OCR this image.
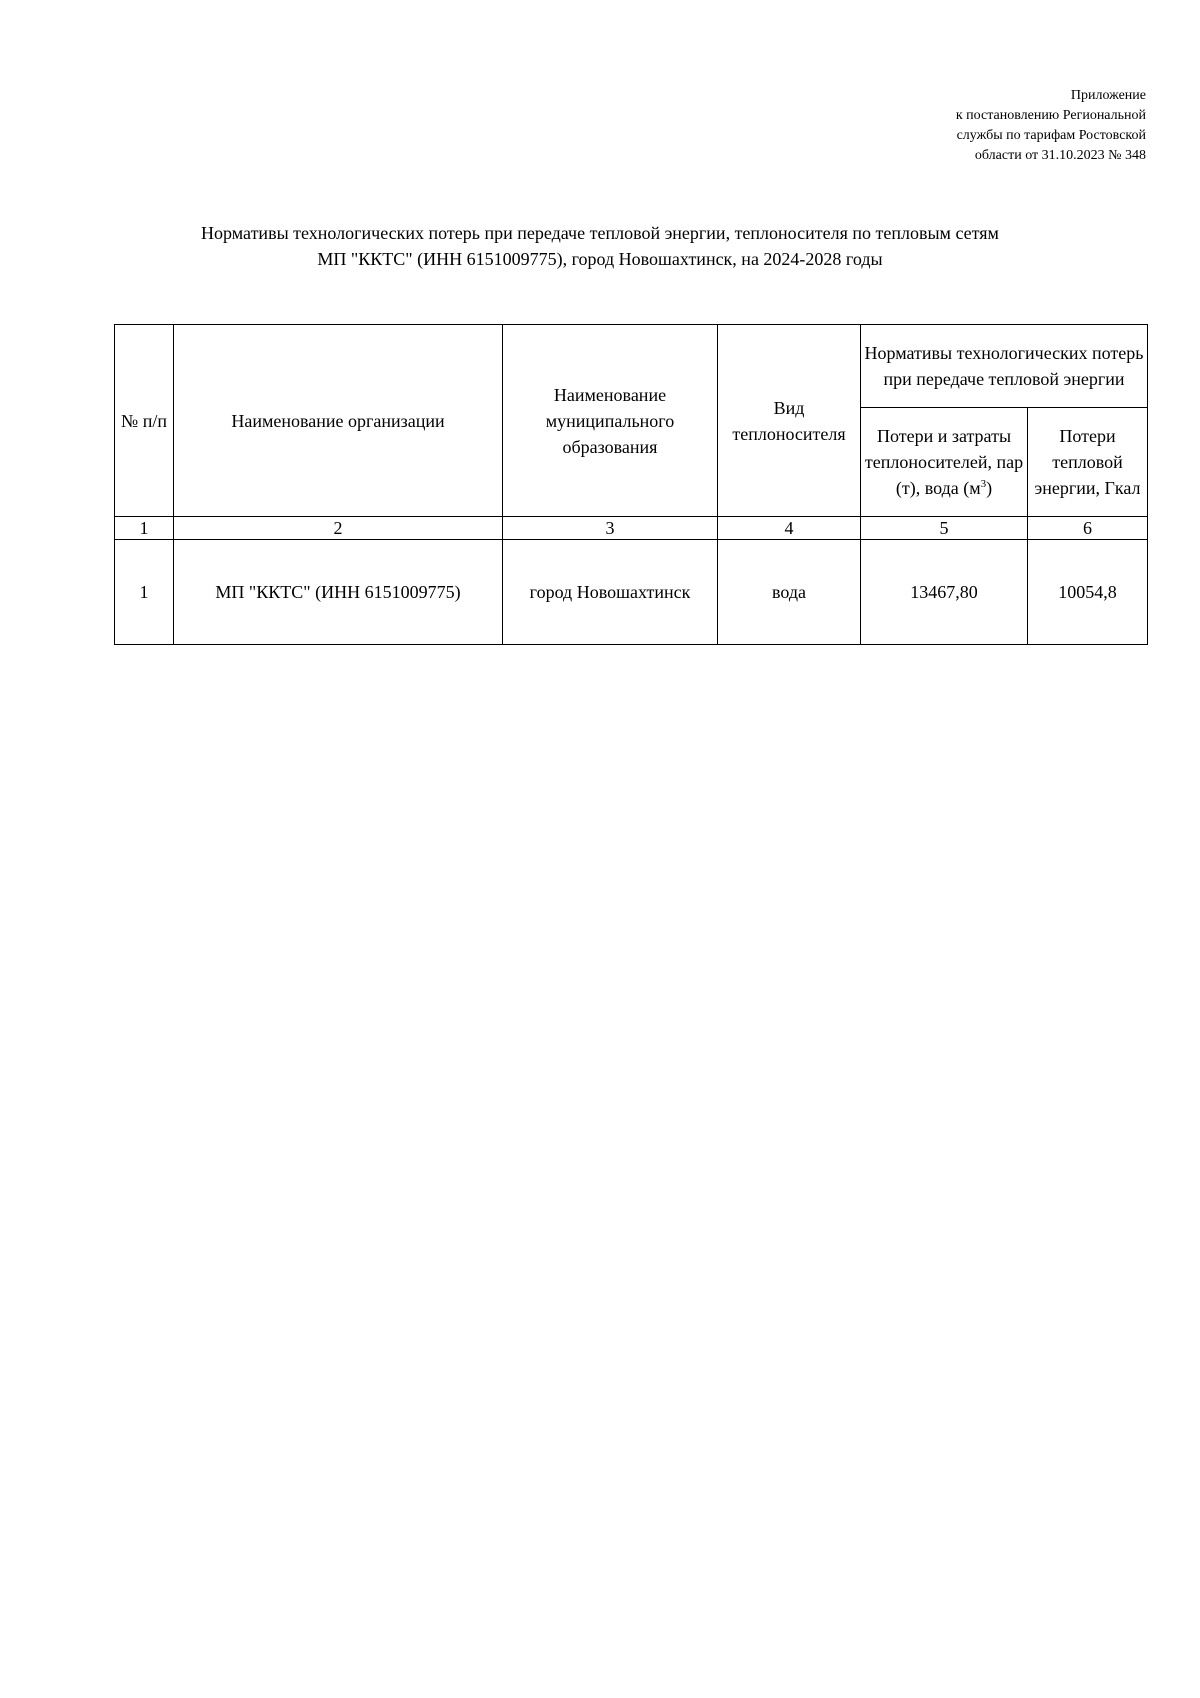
Приложение
к постановлению Региональной
службы по тарифам Ростовской
области от 31.10.2023 № 348
Нормативы технологических потерь при передаче тепловой энергии, теплоносителя по тепловым сетям
МП "ККТС" (ИНН 6151009775), город Новошахтинск, на 2024-2028 годы
№ п/п	Наименование организации	Наименование муниципального образования	Вид теплоносителя	Нормативы технологических потерь при передаче тепловой энергии	
				Потери и затраты теплоносителей, пар (т), вода $(м^3)$	Потери тепловой энергии, Гкал
1	2	3	4	5	6
1	МП "ККТС" (ИНН 6151009775)	город Новошахтинск	вода	13467,80	10054,8
